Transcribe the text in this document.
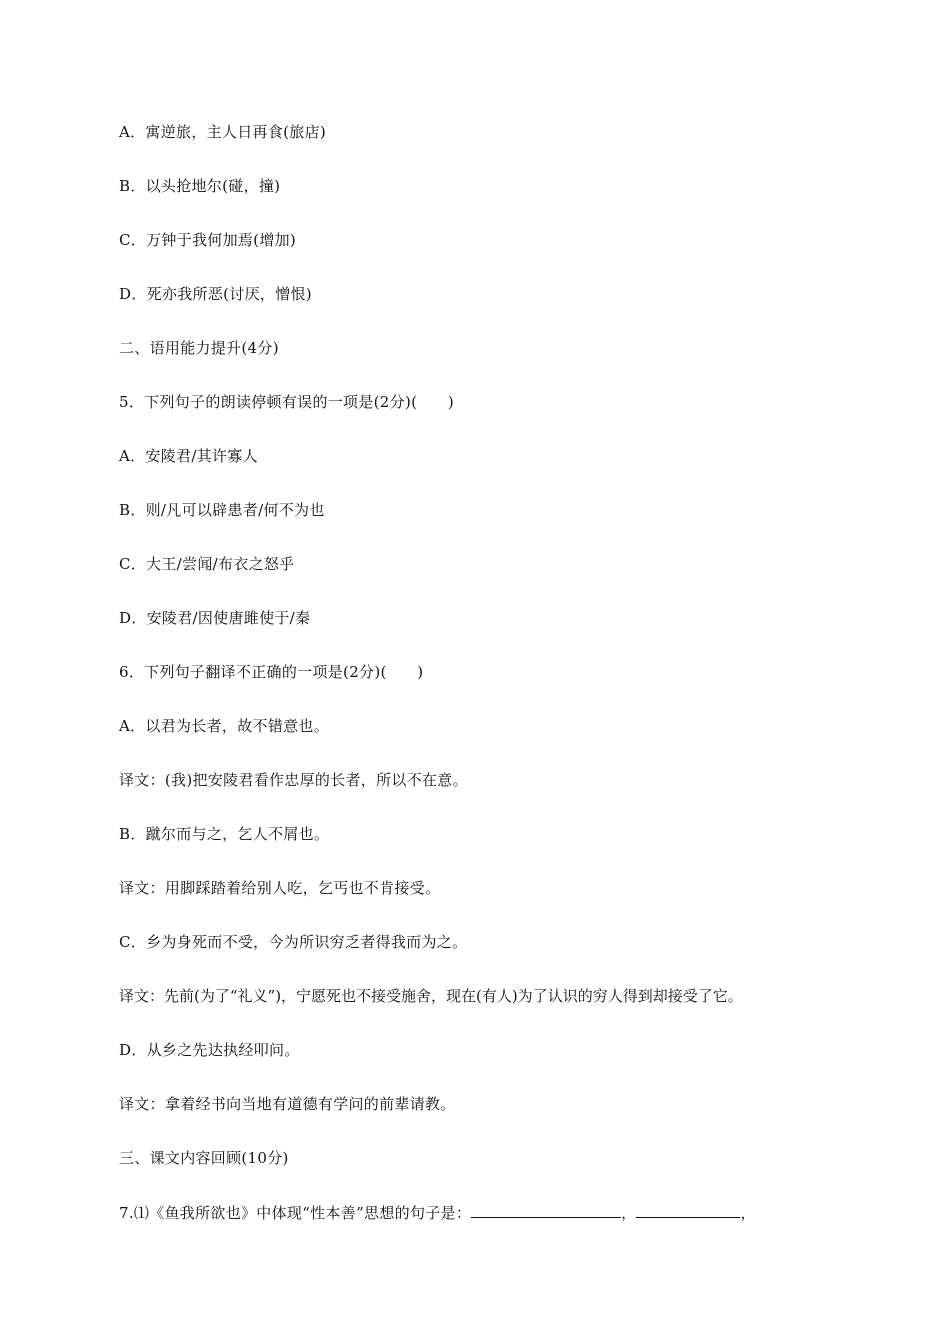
A．寓逆旅，主人日再食(旅店)
B．以头抢地尔(碰，撞)
C．万钟于我何加焉(增加)
D．死亦我所恶(讨厌，憎恨)
二、语用能力提升(4分)
5．下列句子的朗读停顿有误的一项是(2分)(　　)
A．安陵君/其许寡人
B．则/凡可以辟患者/何不为也
C．大王/尝闻/布衣之怒乎
D．安陵君/因使唐雎使于/秦
6．下列句子翻译不正确的一项是(2分)(　　)
A．以君为长者，故不错意也。
译文：(我)把安陵君看作忠厚的长者，所以不在意。
B．蹴尔而与之，乞人不屑也。
译文：用脚踩踏着给别人吃，乞丐也不肯接受。
C．乡为身死而不受，今为所识穷乏者得我而为之。
译文：先前(为了“礼义”)，宁愿死也不接受施舍，现在(有人)为了认识的穷人得到却接受了它。
D．从乡之先达执经叩问。
译文：拿着经书向当地有道德有学问的前辈请教。
三、课文内容回顾(10分)
7.⑴《鱼我所欲也》中体现“性本善”思想的句子是：	，	，
